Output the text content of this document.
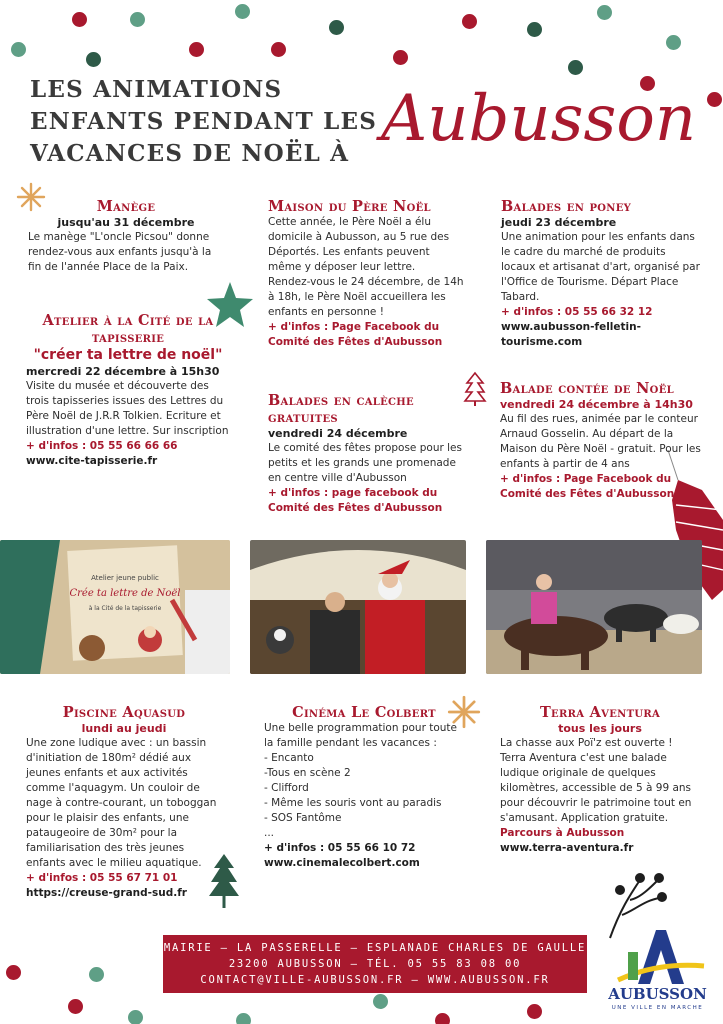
LES ANIMATIONS
ENFANTS PENDANT LES
VACANCES DE NOËL À Aubusson
Manège
jusqu'au 31 décembre
Le manège "L'oncle Picsou" donne rendez-vous aux enfants jusqu'à la fin de l'année Place de la Paix.
Maison du Père Noël
Cette année, le Père Noël a élu domicile à Aubusson, au 5 rue des Déportés. Les enfants peuvent même y déposer leur lettre.
Rendez-vous le 24 décembre, de 14h à 18h, le Père Noël accueillera les enfants en personne !
+ d'infos : Page Facebook du Comité des Fêtes d'Aubusson
Balades en poney
jeudi 23 décembre
Une animation pour les enfants dans le cadre du marché de produits locaux et artisanat d'art, organisé par l'Office de Tourisme. Départ Place Tabard.
+ d'infos : 05 55 66 32 12
www.aubusson-felletin-tourisme.com
Atelier à la Cité de la tapisserie
"créer ta lettre de noël"
mercredi 22 décembre à 15h30
Visite du musée et découverte des trois tapisseries issues des Lettres du Père Noël de J.R.R Tolkien. Ecriture et illustration d'une lettre. Sur inscription
+ d'infos : 05 55 66 66 66
www.cite-tapisserie.fr
Balades en calèche gratuites
vendredi 24 décembre
Le comité des fêtes propose pour les petits et les grands une promenade en centre ville d'Aubusson
+ d'infos : page facebook du Comité des Fêtes d'Aubusson
Balade contée de Noël
vendredi 24 décembre à 14h30
Au fil des rues, animée par le conteur Arnaud Gosselin. Au départ de la Maison du Père Noël - gratuit. Pour les enfants à partir de 4 ans
+ d'infos : Page Facebook du Comité des Fêtes d'Aubusson
Atelier jeune public
Crée ta lettre de Noël
à la Cité de la tapisserie
Piscine Aquasud
lundi au jeudi
Une zone ludique avec : un bassin d'initiation de 180m² dédié aux jeunes enfants et aux activités comme l'aquagym. Un couloir de nage à contre-courant, un toboggan pour le plaisir des enfants, une pataugeoire de 30m² pour la familiarisation des très jeunes enfants avec le milieu aquatique.
+ d'infos : 05 55 67 71 01
https://creuse-grand-sud.fr
Cinéma Le Colbert
Une belle programmation pour toute la famille pendant les vacances :
- Encanto
-Tous en scène 2
- Clifford
- Même les souris vont au paradis
- SOS Fantôme
...
+ d'infos : 05 55 66 10 72
www.cinemalecolbert.com
Terra Aventura
tous les jours
La chasse aux Poï'z est ouverte ! Terra Aventura c'est une balade ludique originale de quelques kilomètres, accessible de 5 à 99 ans pour découvrir le patrimoine tout en s'amusant. Application gratuite.
Parcours à Aubusson
www.terra-aventura.fr
MAIRIE – LA PASSERELLE – ESPLANADE CHARLES DE GAULLE
23200 AUBUSSON – TÉL. 05 55 83 08 00
CONTACT@VILLE-AUBUSSON.FR – WWW.AUBUSSON.FR
AUBUSSON
UNE VILLE EN MARCHE
